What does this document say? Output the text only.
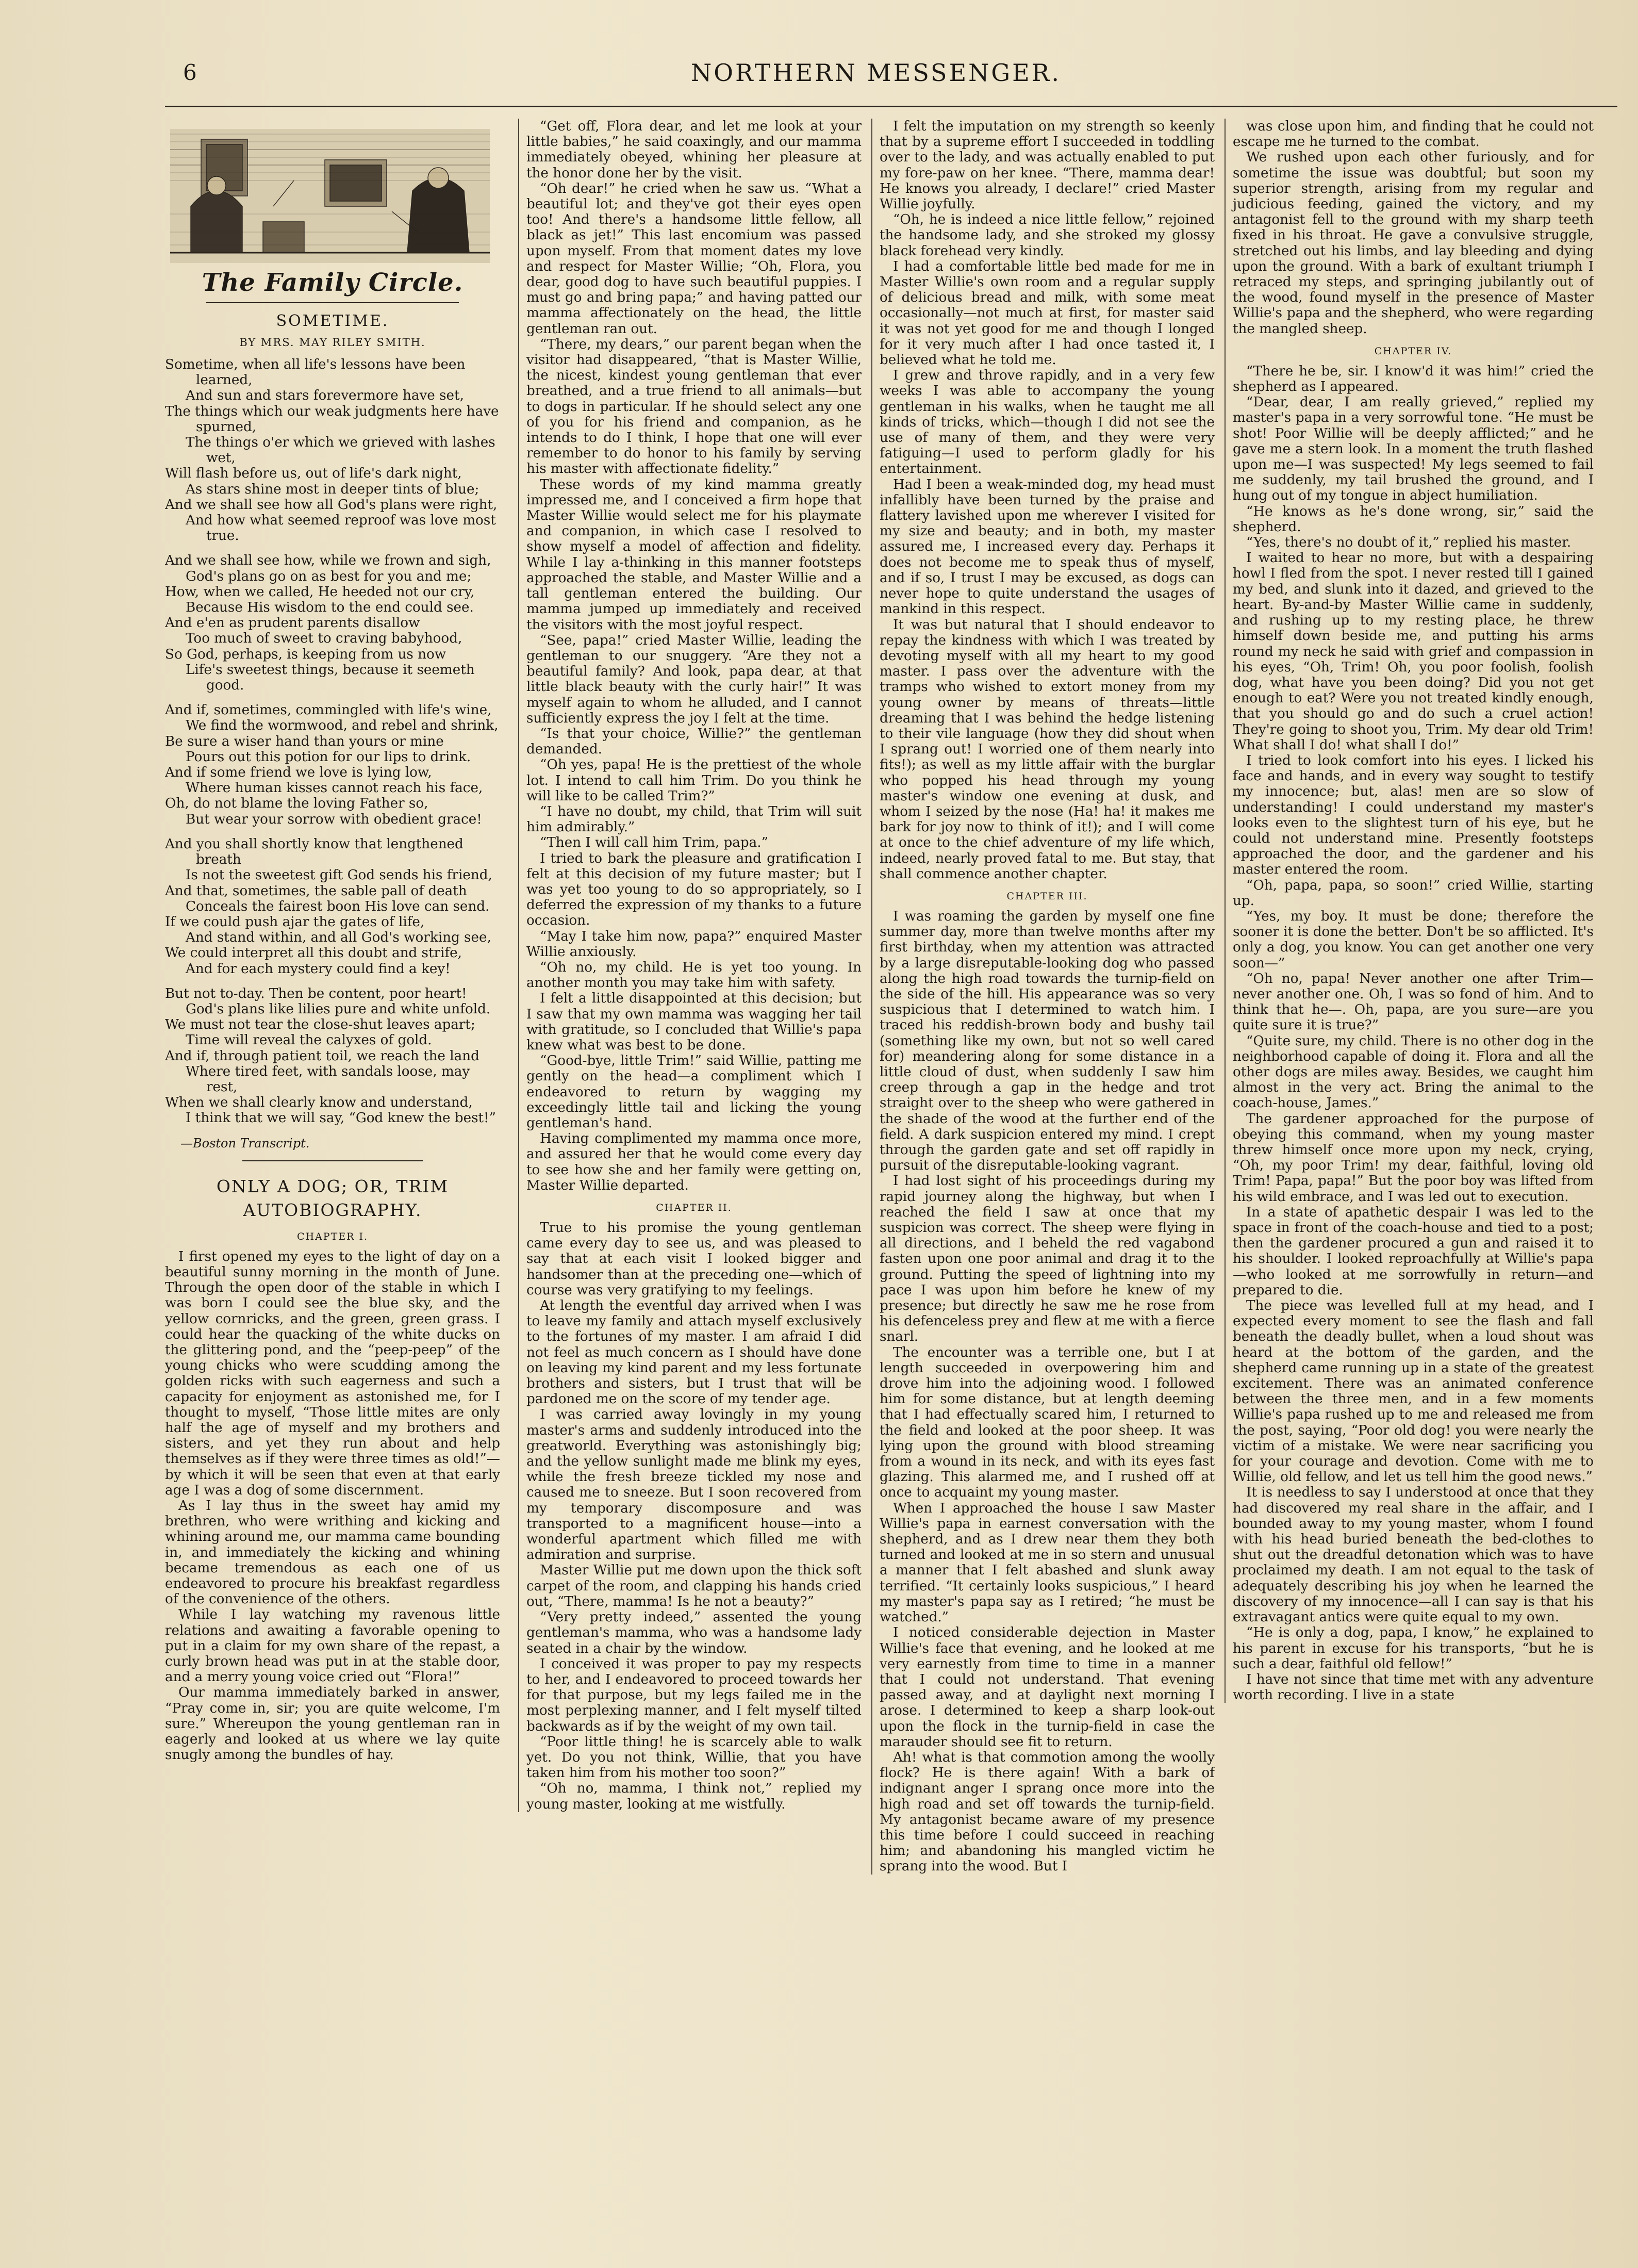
6	NORTHERN MESSENGER.
The Family Circle.
SOMETIME.
BY MRS. MAY RILEY SMITH.
Sometime, when all life's lessons have been learned,
And sun and stars forevermore have set,
The things which our weak judgments here have spurned,
The things o'er which we grieved with lashes wet,
Will flash before us, out of life's dark night,
As stars shine most in deeper tints of blue;
And we shall see how all God's plans were right,
And how what seemed reproof was love most true.
And we shall see how, while we frown and sigh,
God's plans go on as best for you and me;
How, when we called, He heeded not our cry,
Because His wisdom to the end could see.
And e'en as prudent parents disallow
Too much of sweet to craving babyhood,
So God, perhaps, is keeping from us now
Life's sweetest things, because it seemeth good.
And if, sometimes, commingled with life's wine,
We find the wormwood, and rebel and shrink,
Be sure a wiser hand than yours or mine
Pours out this potion for our lips to drink.
And if some friend we love is lying low,
Where human kisses cannot reach his face,
Oh, do not blame the loving Father so,
But wear your sorrow with obedient grace!
And you shall shortly know that lengthened breath
Is not the sweetest gift God sends his friend,
And that, sometimes, the sable pall of death
Conceals the fairest boon His love can send.
If we could push ajar the gates of life,
And stand within, and all God's working see,
We could interpret all this doubt and strife,
And for each mystery could find a key!
But not to-day. Then be content, poor heart!
God's plans like lilies pure and white unfold.
We must not tear the close-shut leaves apart;
Time will reveal the calyxes of gold.
And if, through patient toil, we reach the land
Where tired feet, with sandals loose, may rest,
When we shall clearly know and understand,
I think that we will say, “God knew the best!”
—Boston Transcript.
ONLY A DOG; OR, TRIM AUTOBIOGRAPHY.
CHAPTER I.

I first opened my eyes to the light of day on a beautiful sunny morning in the month of June. Through the open door of the stable in which I was born I could see the blue sky, and the yellow cornricks, and the green, green grass. I could hear the quacking of the white ducks on the glittering pond, and the “peep-peep” of the young chicks who were scudding among the golden ricks with such eagerness and such a capacity for enjoyment as astonished me, for I thought to myself, “Those little mites are only half the age of myself and my brothers and sisters, and yet they run about and help themselves as if they were three times as old!”—by which it will be seen that even at that early age I was a dog of some discernment.

As I lay thus in the sweet hay amid my brethren, who were writhing and kicking and whining around me, our mamma came bounding in, and immediately the kicking and whining became tremendous as each one of us endeavored to procure his breakfast regardless of the convenience of the others.

While I lay watching my ravenous little relations and awaiting a favorable opening to put in a claim for my own share of the repast, a curly brown head was put in at the stable door, and a merry young voice cried out “Flora!”

Our mamma immediately barked in answer, “Pray come in, sir; you are quite welcome, I'm sure.” Whereupon the young gentleman ran in eagerly and looked at us where we lay quite snugly among the bundles of hay.

“Get off, Flora dear, and let me look at your little babies,” he said coaxingly, and our mamma immediately obeyed, whining her pleasure at the honor done her by the visit.

“Oh dear!” he cried when he saw us. “What a beautiful lot; and they've got their eyes open too! And there's a handsome little fellow, all black as jet!” This last encomium was passed upon myself. From that moment dates my love and respect for Master Willie; “Oh, Flora, you dear, good dog to have such beautiful puppies. I must go and bring papa;” and having patted our mamma affectionately on the head, the little gentleman ran out.

“There, my dears,” our parent began when the visitor had disappeared, “that is Master Willie, the nicest, kindest young gentleman that ever breathed, and a true friend to all animals—but to dogs in particular. If he should select any one of you for his friend and companion, as he intends to do I think, I hope that one will ever remember to do honor to his family by serving his master with affectionate fidelity.”

These words of my kind mamma greatly impressed me, and I conceived a firm hope that Master Willie would select me for his playmate and companion, in which case I resolved to show myself a model of affection and fidelity. While I lay a-thinking in this manner footsteps approached the stable, and Master Willie and a tall gentleman entered the building. Our mamma jumped up immediately and received the visitors with the most joyful respect.

“See, papa!” cried Master Willie, leading the gentleman to our snuggery. “Are they not a beautiful family? And look, papa dear, at that little black beauty with the curly hair!” It was myself again to whom he alluded, and I cannot sufficiently express the joy I felt at the time.

“Is that your choice, Willie?” the gentleman demanded.

“Oh yes, papa! He is the prettiest of the whole lot. I intend to call him Trim. Do you think he will like to be called Trim?”

“I have no doubt, my child, that Trim will suit him admirably.”

“Then I will call him Trim, papa.”

I tried to bark the pleasure and gratification I felt at this decision of my future master; but I was yet too young to do so appropriately, so I deferred the expression of my thanks to a future occasion.

“May I take him now, papa?” enquired Master Willie anxiously.

“Oh no, my child. He is yet too young. In another month you may take him with safety.

I felt a little disappointed at this decision; but I saw that my own mamma was wagging her tail with gratitude, so I concluded that Willie's papa knew what was best to be done.

“Good-bye, little Trim!” said Willie, patting me gently on the head—a compliment which I endeavored to return by wagging my exceedingly little tail and licking the young gentleman's hand.

Having complimented my mamma once more, and assured her that he would come every day to see how she and her family were getting on, Master Willie departed.

CHAPTER II.

True to his promise the young gentleman came every day to see us, and was pleased to say that at each visit I looked bigger and handsomer than at the preceding one—which of course was very gratifying to my feelings.

At length the eventful day arrived when I was to leave my family and attach myself exclusively to the fortunes of my master. I am afraid I did not feel as much concern as I should have done on leaving my kind parent and my less fortunate brothers and sisters, but I trust that will be pardoned me on the score of my tender age.

I was carried away lovingly in my young master's arms and suddenly introduced into the greatworld. Everything was astonishingly big; and the yellow sunlight made me blink my eyes, while the fresh breeze tickled my nose and caused me to sneeze. But I soon recovered from my temporary discomposure and was transported to a magnificent house—into a wonderful apartment which filled me with admiration and surprise.

Master Willie put me down upon the thick soft carpet of the room, and clapping his hands cried out, “There, mamma! Is he not a beauty?”

“Very pretty indeed,” assented the young gentleman's mamma, who was a handsome lady seated in a chair by the window.

I conceived it was proper to pay my respects to her, and I endeavored to proceed towards her for that purpose, but my legs failed me in the most perplexing manner, and I felt myself tilted backwards as if by the weight of my own tail.

“Poor little thing! he is scarcely able to walk yet. Do you not think, Willie, that you have taken him from his mother too soon?”

“Oh no, mamma, I think not,” replied my young master, looking at me wistfully.

I felt the imputation on my strength so keenly that by a supreme effort I succeeded in toddling over to the lady, and was actually enabled to put my fore-paw on her knee. “There, mamma dear! He knows you already, I declare!” cried Master Willie joyfully.

“Oh, he is indeed a nice little fellow,” rejoined the handsome lady, and she stroked my glossy black forehead very kindly.

I had a comfortable little bed made for me in Master Willie's own room and a regular supply of delicious bread and milk, with some meat occasionally—not much at first, for master said it was not yet good for me and though I longed for it very much after I had once tasted it, I believed what he told me.

I grew and throve rapidly, and in a very few weeks I was able to accompany the young gentleman in his walks, when he taught me all kinds of tricks, which—though I did not see the use of many of them, and they were very fatiguing—I used to perform gladly for his entertainment.

Had I been a weak-minded dog, my head must infallibly have been turned by the praise and flattery lavished upon me wherever I visited for my size and beauty; and in both, my master assured me, I increased every day. Perhaps it does not become me to speak thus of myself, and if so, I trust I may be excused, as dogs can never hope to quite understand the usages of mankind in this respect.

It was but natural that I should endeavor to repay the kindness with which I was treated by devoting myself with all my heart to my good master. I pass over the adventure with the tramps who wished to extort money from my young owner by means of threats—little dreaming that I was behind the hedge listening to their vile language (how they did shout when I sprang out! I worried one of them nearly into fits!); as well as my little affair with the burglar who popped his head through my young master's window one evening at dusk, and whom I seized by the nose (Ha! ha! it makes me bark for joy now to think of it!); and I will come at once to the chief adventure of my life which, indeed, nearly proved fatal to me. But stay, that shall commence another chapter.

CHAPTER III.

I was roaming the garden by myself one fine summer day, more than twelve months after my first birthday, when my attention was attracted by a large disreputable-looking dog who passed along the high road towards the turnip-field on the side of the hill. His appearance was so very suspicious that I determined to watch him. I traced his reddish-brown body and bushy tail (something like my own, but not so well cared for) meandering along for some distance in a little cloud of dust, when suddenly I saw him creep through a gap in the hedge and trot straight over to the sheep who were gathered in the shade of the wood at the further end of the field. A dark suspicion entered my mind. I crept through the garden gate and set off rapidly in pursuit of the disreputable-looking vagrant.

I had lost sight of his proceedings during my rapid journey along the highway, but when I reached the field I saw at once that my suspicion was correct. The sheep were flying in all directions, and I beheld the red vagabond fasten upon one poor animal and drag it to the ground. Putting the speed of lightning into my pace I was upon him before he knew of my presence; but directly he saw me he rose from his defenceless prey and flew at me with a fierce snarl.

The encounter was a terrible one, but I at length succeeded in overpowering him and drove him into the adjoining wood. I followed him for some distance, but at length deeming that I had effectually scared him, I returned to the field and looked at the poor sheep. It was lying upon the ground with blood streaming from a wound in its neck, and with its eyes fast glazing. This alarmed me, and I rushed off at once to acquaint my young master.

When I approached the house I saw Master Willie's papa in earnest conversation with the shepherd, and as I drew near them they both turned and looked at me in so stern and unusual a manner that I felt abashed and slunk away terrified. “It certainly looks suspicious,” I heard my master's papa say as I retired; “he must be watched.”

I noticed considerable dejection in Master Willie's face that evening, and he looked at me very earnestly from time to time in a manner that I could not understand. That evening passed away, and at daylight next morning I arose. I determined to keep a sharp look-out upon the flock in the turnip-field in case the marauder should see fit to return.

Ah! what is that commotion among the woolly flock? He is there again! With a bark of indignant anger I sprang once more into the high road and set off towards the turnip-field. My antagonist became aware of my presence this time before I could succeed in reaching him; and abandoning his mangled victim he sprang into the wood. But I

was close upon him, and finding that he could not escape me he turned to the combat.

We rushed upon each other furiously, and for sometime the issue was doubtful; but soon my superior strength, arising from my regular and judicious feeding, gained the victory, and my antagonist fell to the ground with my sharp teeth fixed in his throat. He gave a convulsive struggle, stretched out his limbs, and lay bleeding and dying upon the ground. With a bark of exultant triumph I retraced my steps, and springing jubilantly out of the wood, found myself in the presence of Master Willie's papa and the shepherd, who were regarding the mangled sheep.

CHAPTER IV.

“There he be, sir. I know'd it was him!” cried the shepherd as I appeared.

“Dear, dear, I am really grieved,” replied my master's papa in a very sorrowful tone. “He must be shot! Poor Willie will be deeply afflicted;” and he gave me a stern look. In a moment the truth flashed upon me—I was suspected! My legs seemed to fail me suddenly, my tail brushed the ground, and I hung out of my tongue in abject humiliation.

“He knows as he's done wrong, sir,” said the shepherd.

“Yes, there's no doubt of it,” replied his master.

I waited to hear no more, but with a despairing howl I fled from the spot. I never rested till I gained my bed, and slunk into it dazed, and grieved to the heart. By-and-by Master Willie came in suddenly, and rushing up to my resting place, he threw himself down beside me, and putting his arms round my neck he said with grief and compassion in his eyes, “Oh, Trim! Oh, you poor foolish, foolish dog, what have you been doing? Did you not get enough to eat? Were you not treated kindly enough, that you should go and do such a cruel action! They're going to shoot you, Trim. My dear old Trim! What shall I do! what shall I do!”

I tried to look comfort into his eyes. I licked his face and hands, and in every way sought to testify my innocence; but, alas! men are so slow of understanding! I could understand my master's looks even to the slightest turn of his eye, but he could not understand mine. Presently footsteps approached the door, and the gardener and his master entered the room.

“Oh, papa, papa, so soon!” cried Willie, starting up.

“Yes, my boy. It must be done; therefore the sooner it is done the better. Don't be so afflicted. It's only a dog, you know. You can get another one very soon—”

“Oh no, papa! Never another one after Trim—never another one. Oh, I was so fond of him. And to think that he—. Oh, papa, are you sure—are you quite sure it is true?”

“Quite sure, my child. There is no other dog in the neighborhood capable of doing it. Flora and all the other dogs are miles away. Besides, we caught him almost in the very act. Bring the animal to the coach-house, James.”

The gardener approached for the purpose of obeying this command, when my young master threw himself once more upon my neck, crying, “Oh, my poor Trim! my dear, faithful, loving old Trim! Papa, papa!” But the poor boy was lifted from his wild embrace, and I was led out to execution.

In a state of apathetic despair I was led to the space in front of the coach-house and tied to a post; then the gardener procured a gun and raised it to his shoulder. I looked reproachfully at Willie's papa—who looked at me sorrowfully in return—and prepared to die.

The piece was levelled full at my head, and I expected every moment to see the flash and fall beneath the deadly bullet, when a loud shout was heard at the bottom of the garden, and the shepherd came running up in a state of the greatest excitement. There was an animated conference between the three men, and in a few moments Willie's papa rushed up to me and released me from the post, saying, “Poor old dog! you were nearly the victim of a mistake. We were near sacrificing you for your courage and devotion. Come with me to Willie, old fellow, and let us tell him the good news.”

It is needless to say I understood at once that they had discovered my real share in the affair, and I bounded away to my young master, whom I found with his head buried beneath the bed-clothes to shut out the dreadful detonation which was to have proclaimed my death. I am not equal to the task of adequately describing his joy when he learned the discovery of my innocence—all I can say is that his extravagant antics were quite equal to my own.

“He is only a dog, papa, I know,” he explained to his parent in excuse for his transports, “but he is such a dear, faithful old fellow!”

I have not since that time met with any adventure worth recording. I live in a state
